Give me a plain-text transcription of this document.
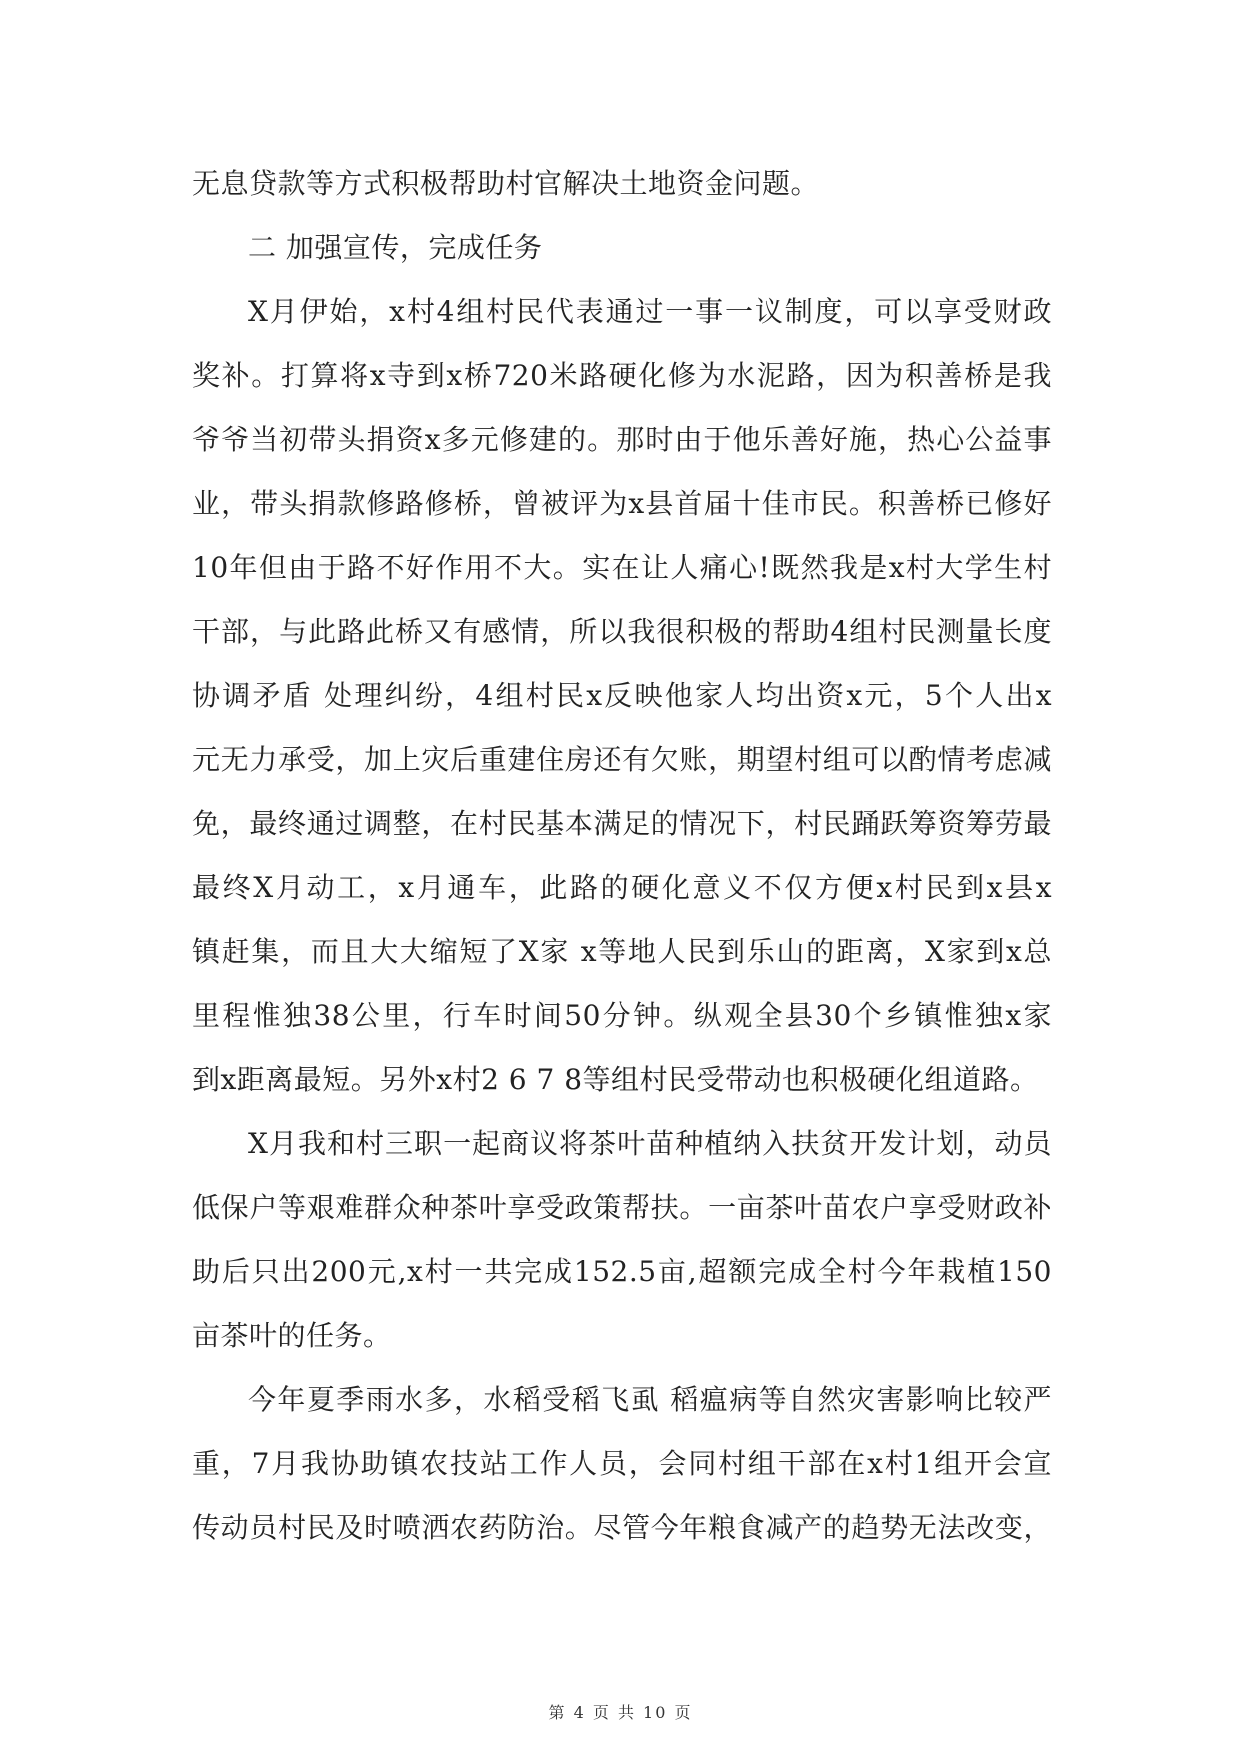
无息贷款等方式积极帮助村官解决土地资金问题。
二 加强宣传，完成任务
X月伊始，x村4组村民代表通过一事一议制度，可以享受财政
奖补。打算将x寺到x桥720米路硬化修为水泥路，因为积善桥是我
爷爷当初带头捐资x多元修建的。那时由于他乐善好施，热心公益事
业，带头捐款修路修桥，曾被评为x县首届十佳市民。积善桥已修好
10年但由于路不好作用不大。实在让人痛心!既然我是x村大学生村
干部，与此路此桥又有感情，所以我很积极的帮助4组村民测量长度
协调矛盾 处理纠纷，4组村民x反映他家人均出资x元，5个人出x
元无力承受，加上灾后重建住房还有欠账，期望村组可以酌情考虑减
免，最终通过调整，在村民基本满足的情况下，村民踊跃筹资筹劳最
最终X月动工，x月通车，此路的硬化意义不仅方便x村民到x县x
镇赶集，而且大大缩短了X家 x等地人民到乐山的距离，X家到x总
里程惟独38公里，行车时间50分钟。纵观全县30个乡镇惟独x家
到x距离最短。另外x村2 6 7 8等组村民受带动也积极硬化组道路。
X月我和村三职一起商议将茶叶苗种植纳入扶贫开发计划，动员
低保户等艰难群众种茶叶享受政策帮扶。一亩茶叶苗农户享受财政补
助后只出200元,x村一共完成152.5亩,超额完成全村今年栽植150
亩茶叶的任务。
今年夏季雨水多，水稻受稻飞虱 稻瘟病等自然灾害影响比较严
重，7月我协助镇农技站工作人员，会同村组干部在x村1组开会宣
传动员村民及时喷洒农药防治。尽管今年粮食减产的趋势无法改变，
第 4 页 共 10 页
